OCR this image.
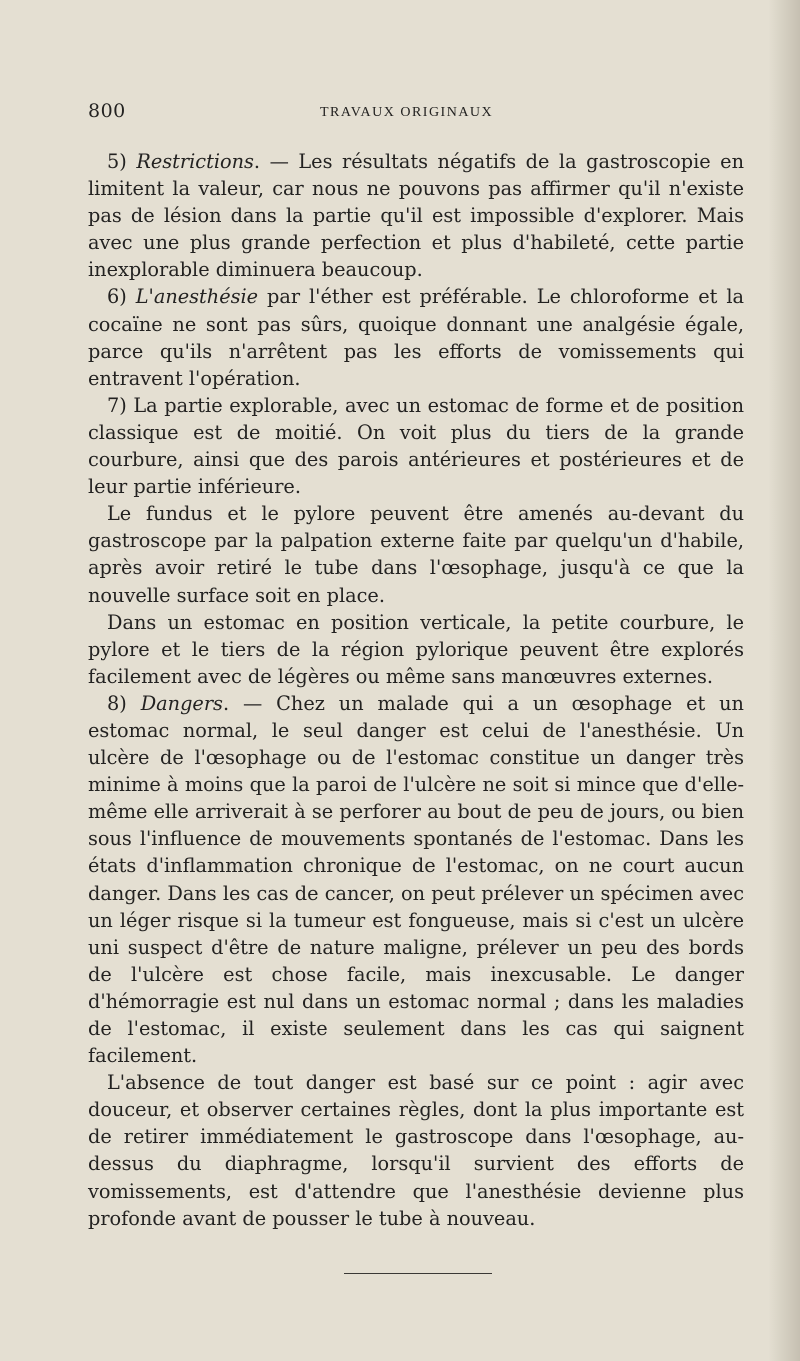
800	TRAVAUX ORIGINAUX

5) Restrictions. — Les résultats négatifs de la gastroscopie en limitent la valeur, car nous ne pouvons pas affirmer qu'il n'existe pas de lésion dans la partie qu'il est impossible d'explorer. Mais avec une plus grande perfection et plus d'habileté, cette partie inexplorable diminuera beaucoup.

6) L'anesthésie par l'éther est préférable. Le chloroforme et la cocaïne ne sont pas sûrs, quoique donnant une analgésie égale, parce qu'ils n'arrêtent pas les efforts de vomissements qui entravent l'opération.

7) La partie explorable, avec un estomac de forme et de position classique est de moitié. On voit plus du tiers de la grande courbure, ainsi que des parois antérieures et postérieures et de leur partie inférieure.

Le fundus et le pylore peuvent être amenés au-devant du gastroscope par la palpation externe faite par quelqu'un d'habile, après avoir retiré le tube dans l'œsophage, jusqu'à ce que la nouvelle surface soit en place.

Dans un estomac en position verticale, la petite courbure, le pylore et le tiers de la région pylorique peuvent être explorés facilement avec de légères ou même sans manœuvres externes.

8) Dangers. — Chez un malade qui a un œsophage et un estomac normal, le seul danger est celui de l'anesthésie. Un ulcère de l'œsophage ou de l'estomac constitue un danger très minime à moins que la paroi de l'ulcère ne soit si mince que d'elle-même elle arriverait à se perforer au bout de peu de jours, ou bien sous l'influence de mouvements spontanés de l'estomac. Dans les états d'inflammation chronique de l'estomac, on ne court aucun danger. Dans les cas de cancer, on peut prélever un spécimen avec un léger risque si la tumeur est fongueuse, mais si c'est un ulcère uni suspect d'être de nature maligne, prélever un peu des bords de l'ulcère est chose facile, mais inexcusable. Le danger d'hémorragie est nul dans un estomac normal ; dans les maladies de l'estomac, il existe seulement dans les cas qui saignent facilement.

L'absence de tout danger est basé sur ce point : agir avec douceur, et observer certaines règles, dont la plus importante est de retirer immédiatement le gastroscope dans l'œsophage, au-dessus du diaphragme, lorsqu'il survient des efforts de vomissements, est d'attendre que l'anesthésie devienne plus profonde avant de pousser le tube à nouveau.
